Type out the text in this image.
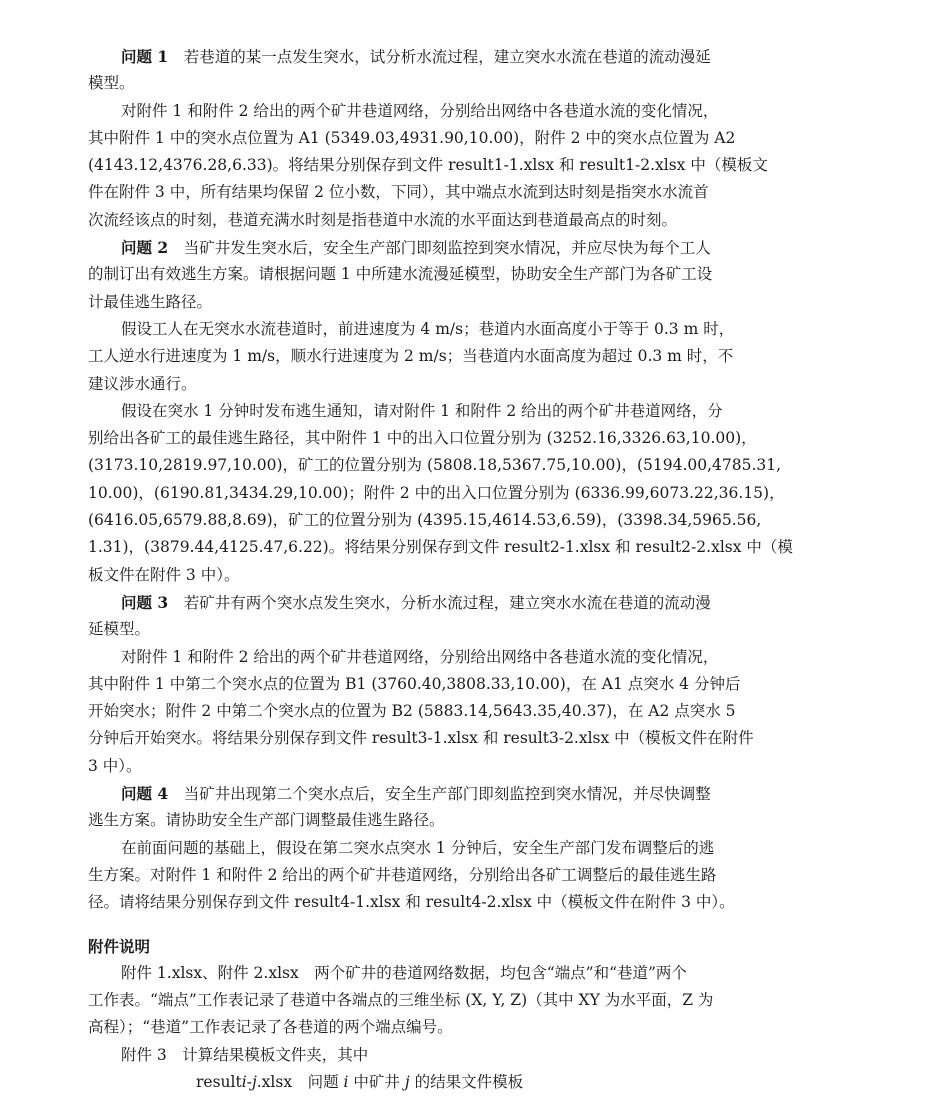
问题 1　 若巷道的某一点发生突水，试分析水流过程，建立突水水流在巷道的流动漫延
模型。
对附件 1 和附件 2 给出的两个矿井巷道网络，分别给出网络中各巷道水流的变化情况，
其中附件 1 中的突水点位置为 A1 (5349.03,4931.90,10.00)，附件 2 中的突水点位置为 A2
(4143.12,4376.28,6.33)。将结果分别保存到文件 result1-1.xlsx 和 result1-2.xlsx 中（模板文
件在附件 3 中，所有结果均保留 2 位小数，下同），其中端点水流到达时刻是指突水水流首
次流经该点的时刻，巷道充满水时刻是指巷道中水流的水平面达到巷道最高点的时刻。
问题 2　 当矿井发生突水后，安全生产部门即刻监控到突水情况，并应尽快为每个工人
的制订出有效逃生方案。请根据问题 1 中所建水流漫延模型，协助安全生产部门为各矿工设
计最佳逃生路径。
假设工人在无突水水流巷道时，前进速度为 4 m/s；巷道内水面高度小于等于 0.3 m 时，
工人逆水行进速度为 1 m/s，顺水行进速度为 2 m/s；当巷道内水面高度为超过 0.3 m 时，不
建议涉水通行。
假设在突水 1 分钟时发布逃生通知，请对附件 1 和附件 2 给出的两个矿井巷道网络，分
别给出各矿工的最佳逃生路径，其中附件 1 中的出入口位置分别为 (3252.16,3326.63,10.00)，
(3173.10,2819.97,10.00)，矿工的位置分别为 (5808.18,5367.75,10.00)，(5194.00,4785.31,
10.00)，(6190.81,3434.29,10.00)；附件 2 中的出入口位置分别为 (6336.99,6073.22,36.15)，
(6416.05,6579.88,8.69)，矿工的位置分别为 (4395.15,4614.53,6.59)，(3398.34,5965.56,
1.31)，(3879.44,4125.47,6.22)。将结果分别保存到文件 result2-1.xlsx 和 result2-2.xlsx 中（模
板文件在附件 3 中）。
问题 3　 若矿井有两个突水点发生突水，分析水流过程，建立突水水流在巷道的流动漫
延模型。
对附件 1 和附件 2 给出的两个矿井巷道网络，分别给出网络中各巷道水流的变化情况，
其中附件 1 中第二个突水点的位置为 B1 (3760.40,3808.33,10.00)，在 A1 点突水 4 分钟后
开始突水；附件 2 中第二个突水点的位置为 B2 (5883.14,5643.35,40.37)，在 A2 点突水 5
分钟后开始突水。将结果分别保存到文件 result3-1.xlsx 和 result3-2.xlsx 中（模板文件在附件
3 中）。
问题 4　 当矿井出现第二个突水点后，安全生产部门即刻监控到突水情况，并尽快调整
逃生方案。请协助安全生产部门调整最佳逃生路径。
在前面问题的基础上，假设在第二突水点突水 1 分钟后，安全生产部门发布调整后的逃
生方案。对附件 1 和附件 2 给出的两个矿井巷道网络，分别给出各矿工调整后的最佳逃生路
径。请将结果分别保存到文件 result4-1.xlsx 和 result4-2.xlsx 中（模板文件在附件 3 中）。
附件说明
附件 1.xlsx、附件 2.xlsx　两个矿井的巷道网络数据，均包含“端点”和“巷道”两个
工作表。“端点”工作表记录了巷道中各端点的三维坐标 (X, Y, Z)（其中 XY 为水平面，Z 为
高程）；“巷道”工作表记录了各巷道的两个端点编号。
附件 3　计算结果模板文件夹，其中
resulti-j.xlsx　问题 i 中矿井 j 的结果文件模板
